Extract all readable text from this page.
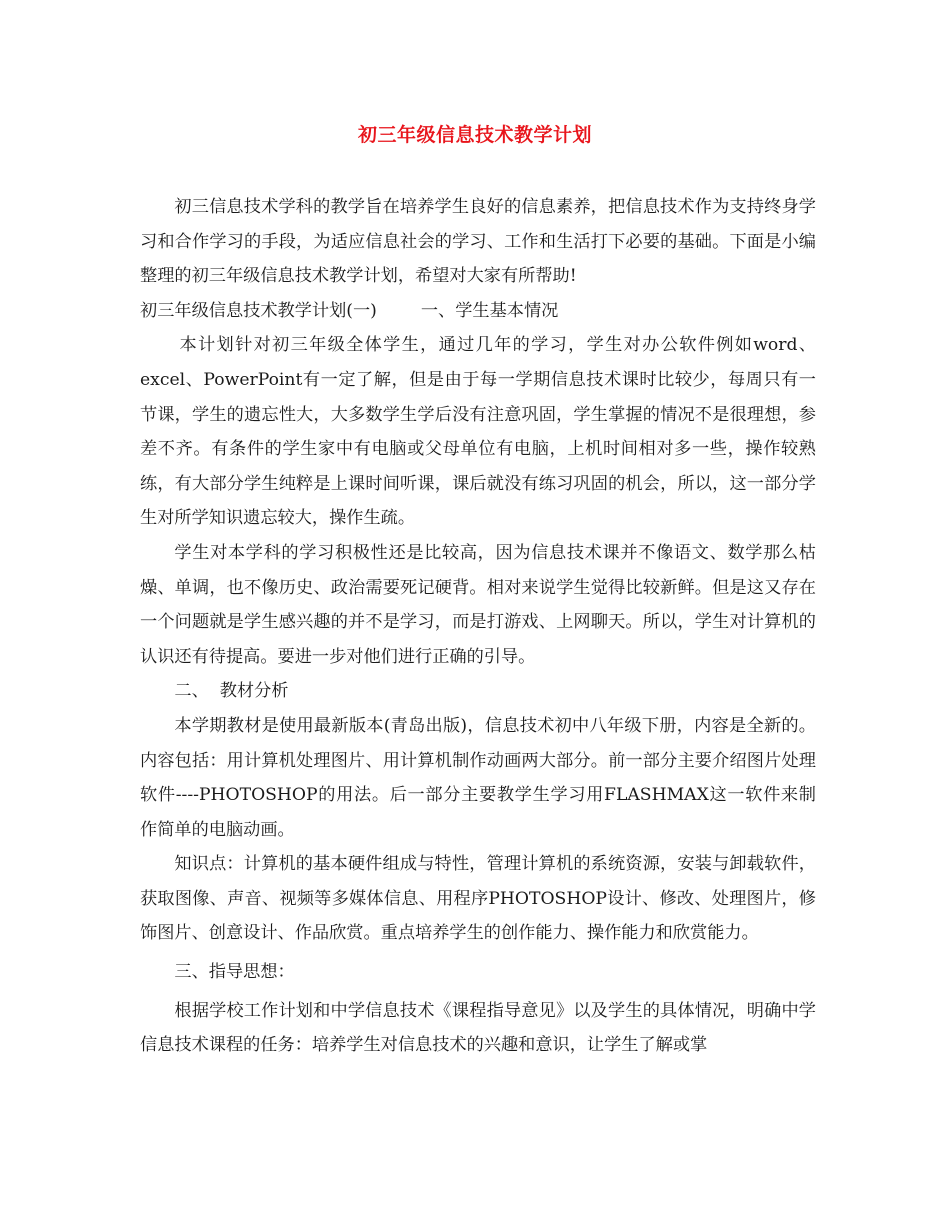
初三年级信息技术教学计划

初三信息技术学科的教学旨在培养学生良好的信息素养，把信息技术作为支持终身学习和合作学习的手段，为适应信息社会的学习、工作和生活打下必要的基础。下面是小编整理的初三年级信息技术教学计划，希望对大家有所帮助!

初三年级信息技术教学计划(一)	一、学生基本情况

本计划针对初三年级全体学生，通过几年的学习，学生对办公软件例如word、excel、PowerPoint有一定了解，但是由于每一学期信息技术课时比较少，每周只有一节课，学生的遗忘性大，大多数学生学后没有注意巩固，学生掌握的情况不是很理想，参差不齐。有条件的学生家中有电脑或父母单位有电脑，上机时间相对多一些，操作较熟练，有大部分学生纯粹是上课时间听课，课后就没有练习巩固的机会，所以，这一部分学生对所学知识遗忘较大，操作生疏。

学生对本学科的学习积极性还是比较高，因为信息技术课并不像语文、数学那么枯燥、单调，也不像历史、政治需要死记硬背。相对来说学生觉得比较新鲜。但是这又存在一个问题就是学生感兴趣的并不是学习，而是打游戏、上网聊天。所以，学生对计算机的认识还有待提高。要进一步对他们进行正确的引导。

二、  教材分析

本学期教材是使用最新版本(青岛出版)，信息技术初中八年级下册，内容是全新的。内容包括：用计算机处理图片、用计算机制作动画两大部分。前一部分主要介绍图片处理软件----PHOTOSHOP的用法。后一部分主要教学生学习用FLASHMAX这一软件来制作简单的电脑动画。

知识点：计算机的基本硬件组成与特性，管理计算机的系统资源，安装与卸载软件，获取图像、声音、视频等多媒体信息、用程序PHOTOSHOP设计、修改、处理图片，修饰图片、创意设计、作品欣赏。重点培养学生的创作能力、操作能力和欣赏能力。

三、指导思想：

根据学校工作计划和中学信息技术《课程指导意见》以及学生的具体情况，明确中学信息技术课程的任务：培养学生对信息技术的兴趣和意识，让学生了解或掌
